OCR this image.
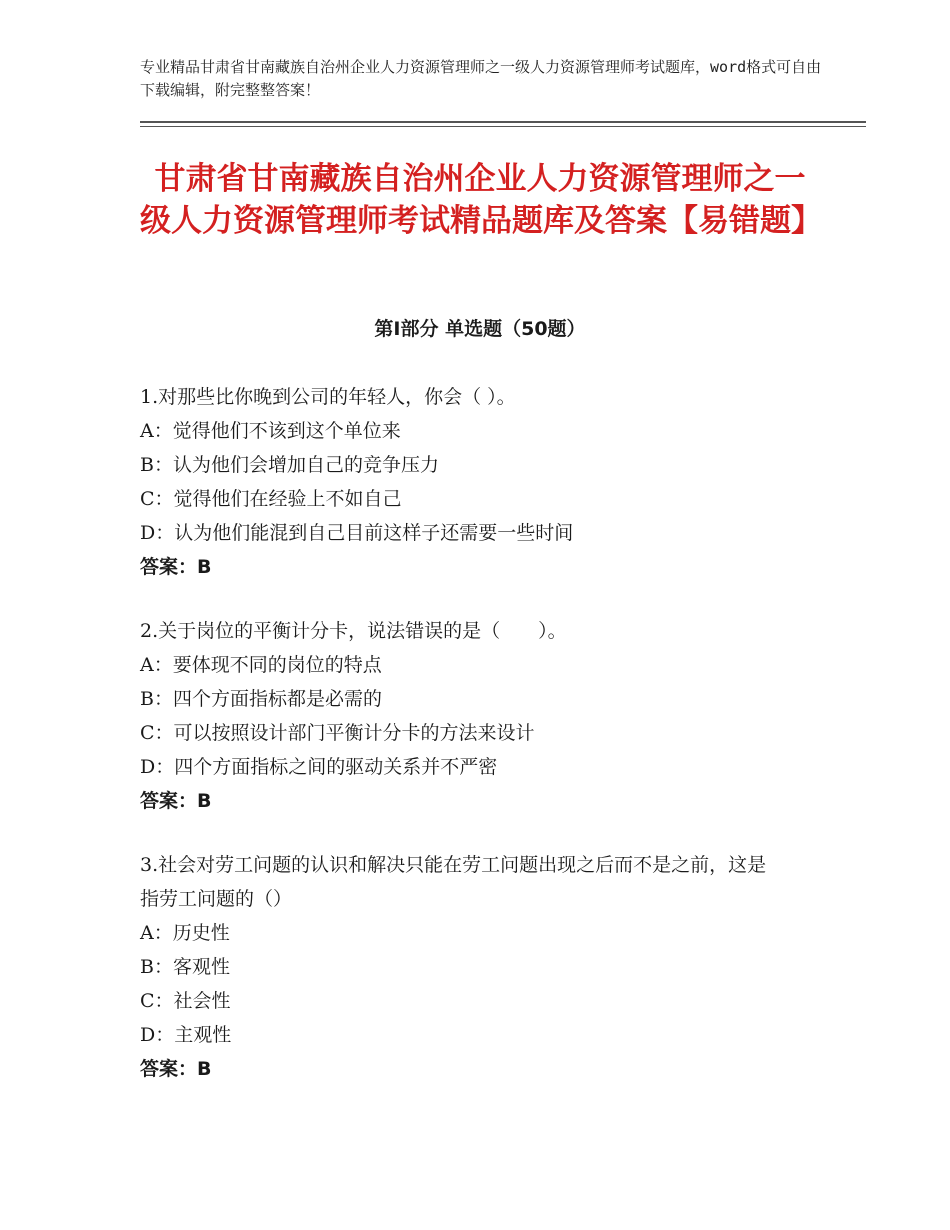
专业精品甘肃省甘南藏族自治州企业人力资源管理师之一级人力资源管理师考试题库，word格式可自由下载编辑，附完整整答案！
甘肃省甘南藏族自治州企业人力资源管理师之一级人力资源管理师考试精品题库及答案【易错题】
第Ⅰ部分 单选题（50题）
1.对那些比你晚到公司的年轻人，你会（ ）。
A：觉得他们不该到这个单位来
B：认为他们会增加自己的竞争压力
C：觉得他们在经验上不如自己
D：认为他们能混到自己目前这样子还需要一些时间
答案：B
2.关于岗位的平衡计分卡，说法错误的是（　　）。
A：要体现不同的岗位的特点
B：四个方面指标都是必需的
C：可以按照设计部门平衡计分卡的方法来设计
D：四个方面指标之间的驱动关系并不严密
答案：B
3.社会对劳工问题的认识和解决只能在劳工问题出现之后而不是之前，这是指劳工问题的（）
A：历史性
B：客观性
C：社会性
D：主观性
答案：B
